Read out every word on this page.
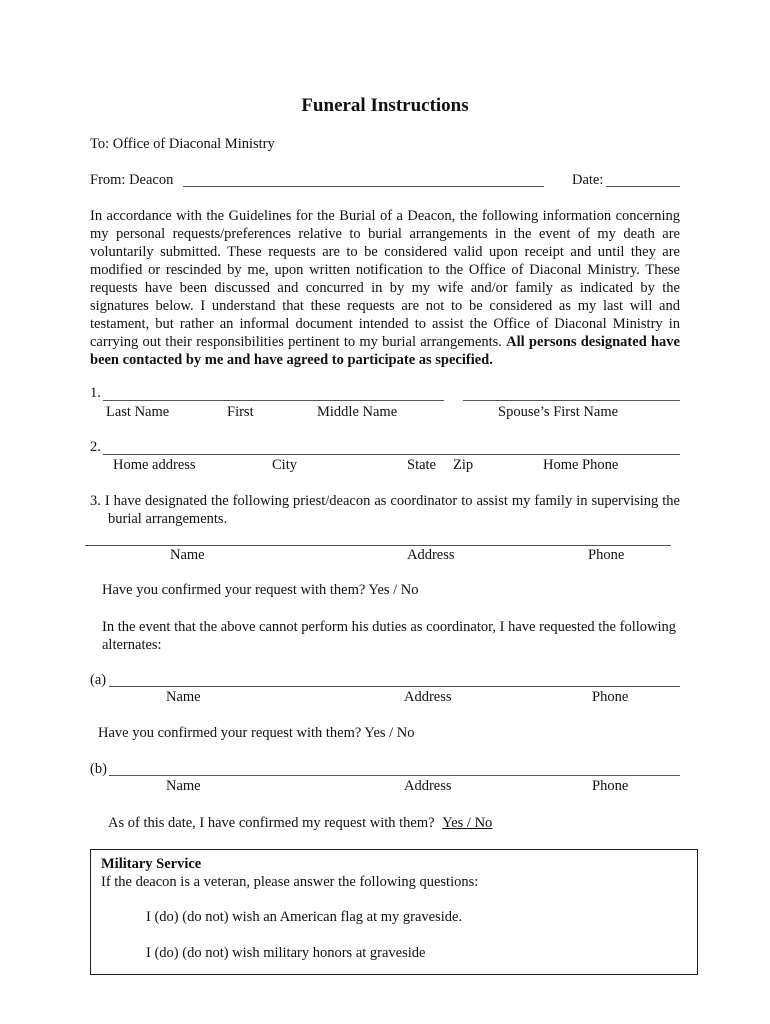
Funeral Instructions
To: Office of Diaconal Ministry
From: Deacon	Date:
In accordance with the Guidelines for the Burial of a Deacon, the following information concerning my personal requests/preferences relative to burial arrangements in the event of my death are voluntarily submitted. These requests are to be considered valid upon receipt and until they are modified or rescinded by me, upon written notification to the Office of Diaconal Ministry. These requests have been discussed and concurred in by my wife and/or family as indicated by the signatures below. I understand that these requests are not to be considered as my last will and testament, but rather an informal document intended to assist the Office of Diaconal Ministry in carrying out their responsibilities pertinent to my burial arrangements. All persons designated have been contacted by me and have agreed to participate as specified.
1.
Last Name	First	Middle Name	Spouse’s First Name
2.
Home address	City	State Zip	Home Phone
3. I have designated the following priest/deacon as coordinator to assist my family in supervising the
burial arrangements.
Name	Address	Phone
Have you confirmed your request with them? Yes / No
In the event that the above cannot perform his duties as coordinator, I have requested the following alternates:
(a)
Name	Address	Phone
Have you confirmed your request with them? Yes / No
(b)
Name	Address	Phone
As of this date, I have confirmed my request with them? Yes / No
Military Service
If the deacon is a veteran, please answer the following questions:
I (do) (do not) wish an American flag at my graveside.
I (do) (do not) wish military honors at graveside
